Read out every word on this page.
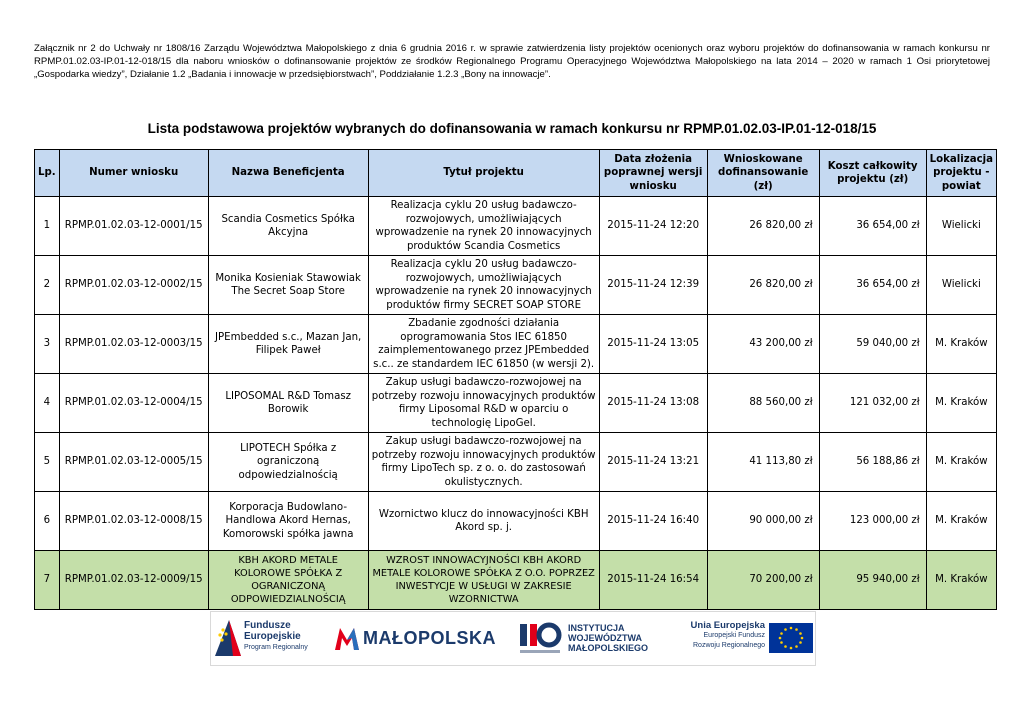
Załącznik nr 2 do Uchwały nr 1808/16 Zarządu Województwa Małopolskiego z dnia 6 grudnia 2016 r. w sprawie zatwierdzenia listy projektów ocenionych oraz wyboru projektów do dofinansowania w ramach konkursu nr RPMP.01.02.03-IP.01-12-018/15 dla naboru wniosków o dofinansowanie projektów ze środków Regionalnego Programu Operacyjnego Województwa Małopolskiego na lata 2014 – 2020 w ramach 1 Osi priorytetowej „Gospodarka wiedzy”, Działanie 1.2 „Badania i innowacje w przedsiębiorstwach”, Poddziałanie 1.2.3 „Bony na innowacje”.
Lista podstawowa projektów wybranych do dofinansowania w ramach konkursu nr RPMP.01.02.03-IP.01-12-018/15
Lp.	Numer wniosku	Nazwa Beneficjenta	Tytuł projektu	Data złożenia poprawnej wersji wniosku	Wnioskowane dofinansowanie (zł)	Koszt całkowity projektu (zł)	Lokalizacja projektu - powiat
1	RPMP.01.02.03-12-0001/15	Scandia Cosmetics Spółka Akcyjna	Realizacja cyklu 20 usług badawczo-rozwojowych, umożliwiających wprowadzenie na rynek 20 innowacyjnych produktów Scandia Cosmetics	2015-11-24 12:20	26 820,00 zł	36 654,00 zł	Wielicki
2	RPMP.01.02.03-12-0002/15	Monika Kosieniak Stawowiak The Secret Soap Store	Realizacja cyklu 20 usług badawczo-rozwojowych, umożliwiających wprowadzenie na rynek 20 innowacyjnych produktów firmy SECRET SOAP STORE	2015-11-24 12:39	26 820,00 zł	36 654,00 zł	Wielicki
3	RPMP.01.02.03-12-0003/15	JPEmbedded s.c., Mazan Jan, Filipek Paweł	Zbadanie zgodności działania oprogramowania Stos IEC 61850 zaimplementowanego przez JPEmbedded s.c.. ze standardem IEC 61850 (w wersji 2).	2015-11-24 13:05	43 200,00 zł	59 040,00 zł	M. Kraków
4	RPMP.01.02.03-12-0004/15	LIPOSOMAL R&D Tomasz Borowik	Zakup usługi badawczo-rozwojowej na potrzeby rozwoju innowacyjnych produktów firmy Liposomal R&D w oparciu o technologię LipoGel.	2015-11-24 13:08	88 560,00 zł	121 032,00 zł	M. Kraków
5	RPMP.01.02.03-12-0005/15	LIPOTECH Spółka z ograniczoną odpowiedzialnością	Zakup usługi badawczo-rozwojowej na potrzeby rozwoju innowacyjnych produktów firmy LipoTech sp. z o. o. do zastosowań okulistycznych.	2015-11-24 13:21	41 113,80 zł	56 188,86 zł	M. Kraków
6	RPMP.01.02.03-12-0008/15	Korporacja Budowlano-Handlowa Akord Hernas, Komorowski spółka jawna	Wzornictwo klucz do innowacyjności KBH Akord sp. j.	2015-11-24 16:40	90 000,00 zł	123 000,00 zł	M. Kraków
7	RPMP.01.02.03-12-0009/15	KBH AKORD METALE KOLOROWE SPÓŁKA Z OGRANICZONĄ ODPOWIEDZIALNOŚCIĄ	WZROST INNOWACYJNOŚCI KBH AKORD METALE KOLOROWE SPÓŁKA Z O.O. POPRZEZ INWESTYCJE W USŁUGI W ZAKRESIE WZORNICTWA	2015-11-24 16:54	70 200,00 zł	95 940,00 zł	M. Kraków
Fundusze
Europejskie
Program Regionalny	MAŁOPOLSKA	INSTYTUCJA
WOJEWÓDZTWA
MAŁOPOLSKIEGO
Unia Europejska
Europejski Fundusz
Rozwoju Regionalnego
